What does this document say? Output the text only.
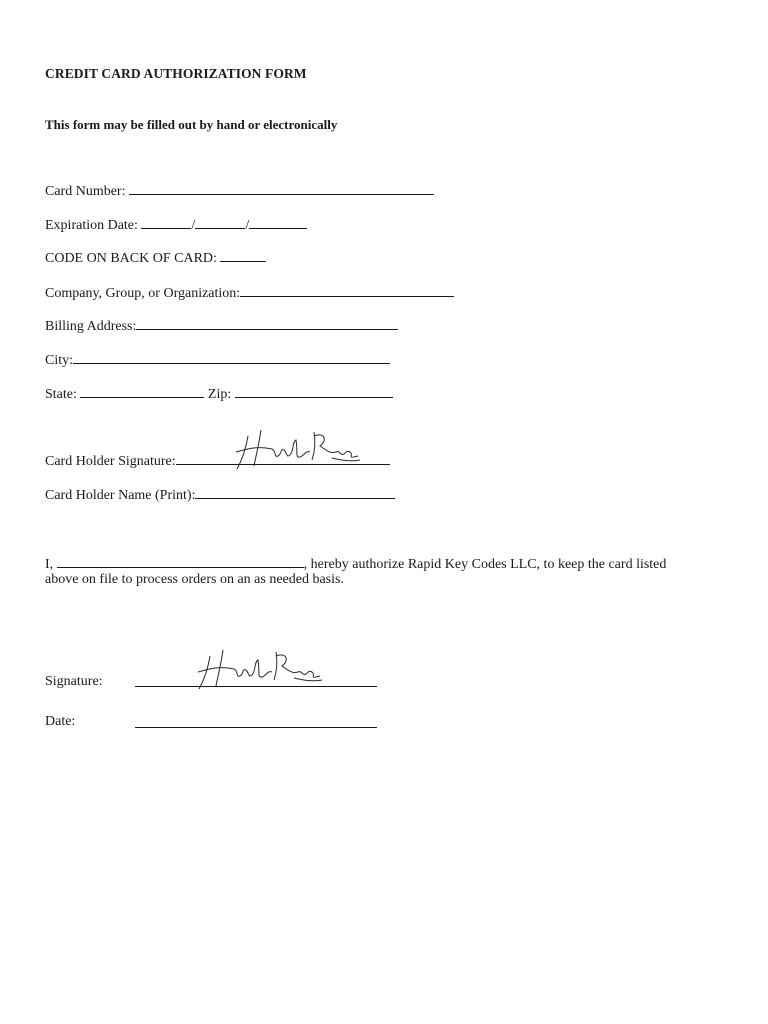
CREDIT CARD AUTHORIZATION FORM
This form may be filled out by hand or electronically
Card Number:
Expiration Date:	/	/
CODE ON BACK OF CARD:
Company, Group, or Organization:
Billing Address:
City:
State:	Zip:
Card Holder Signature:
Card Holder Name (Print):
I,	, hereby authorize Rapid Key Codes LLC, to keep the card listed
above on file to process orders on an as needed basis.
Signature:
Date:
